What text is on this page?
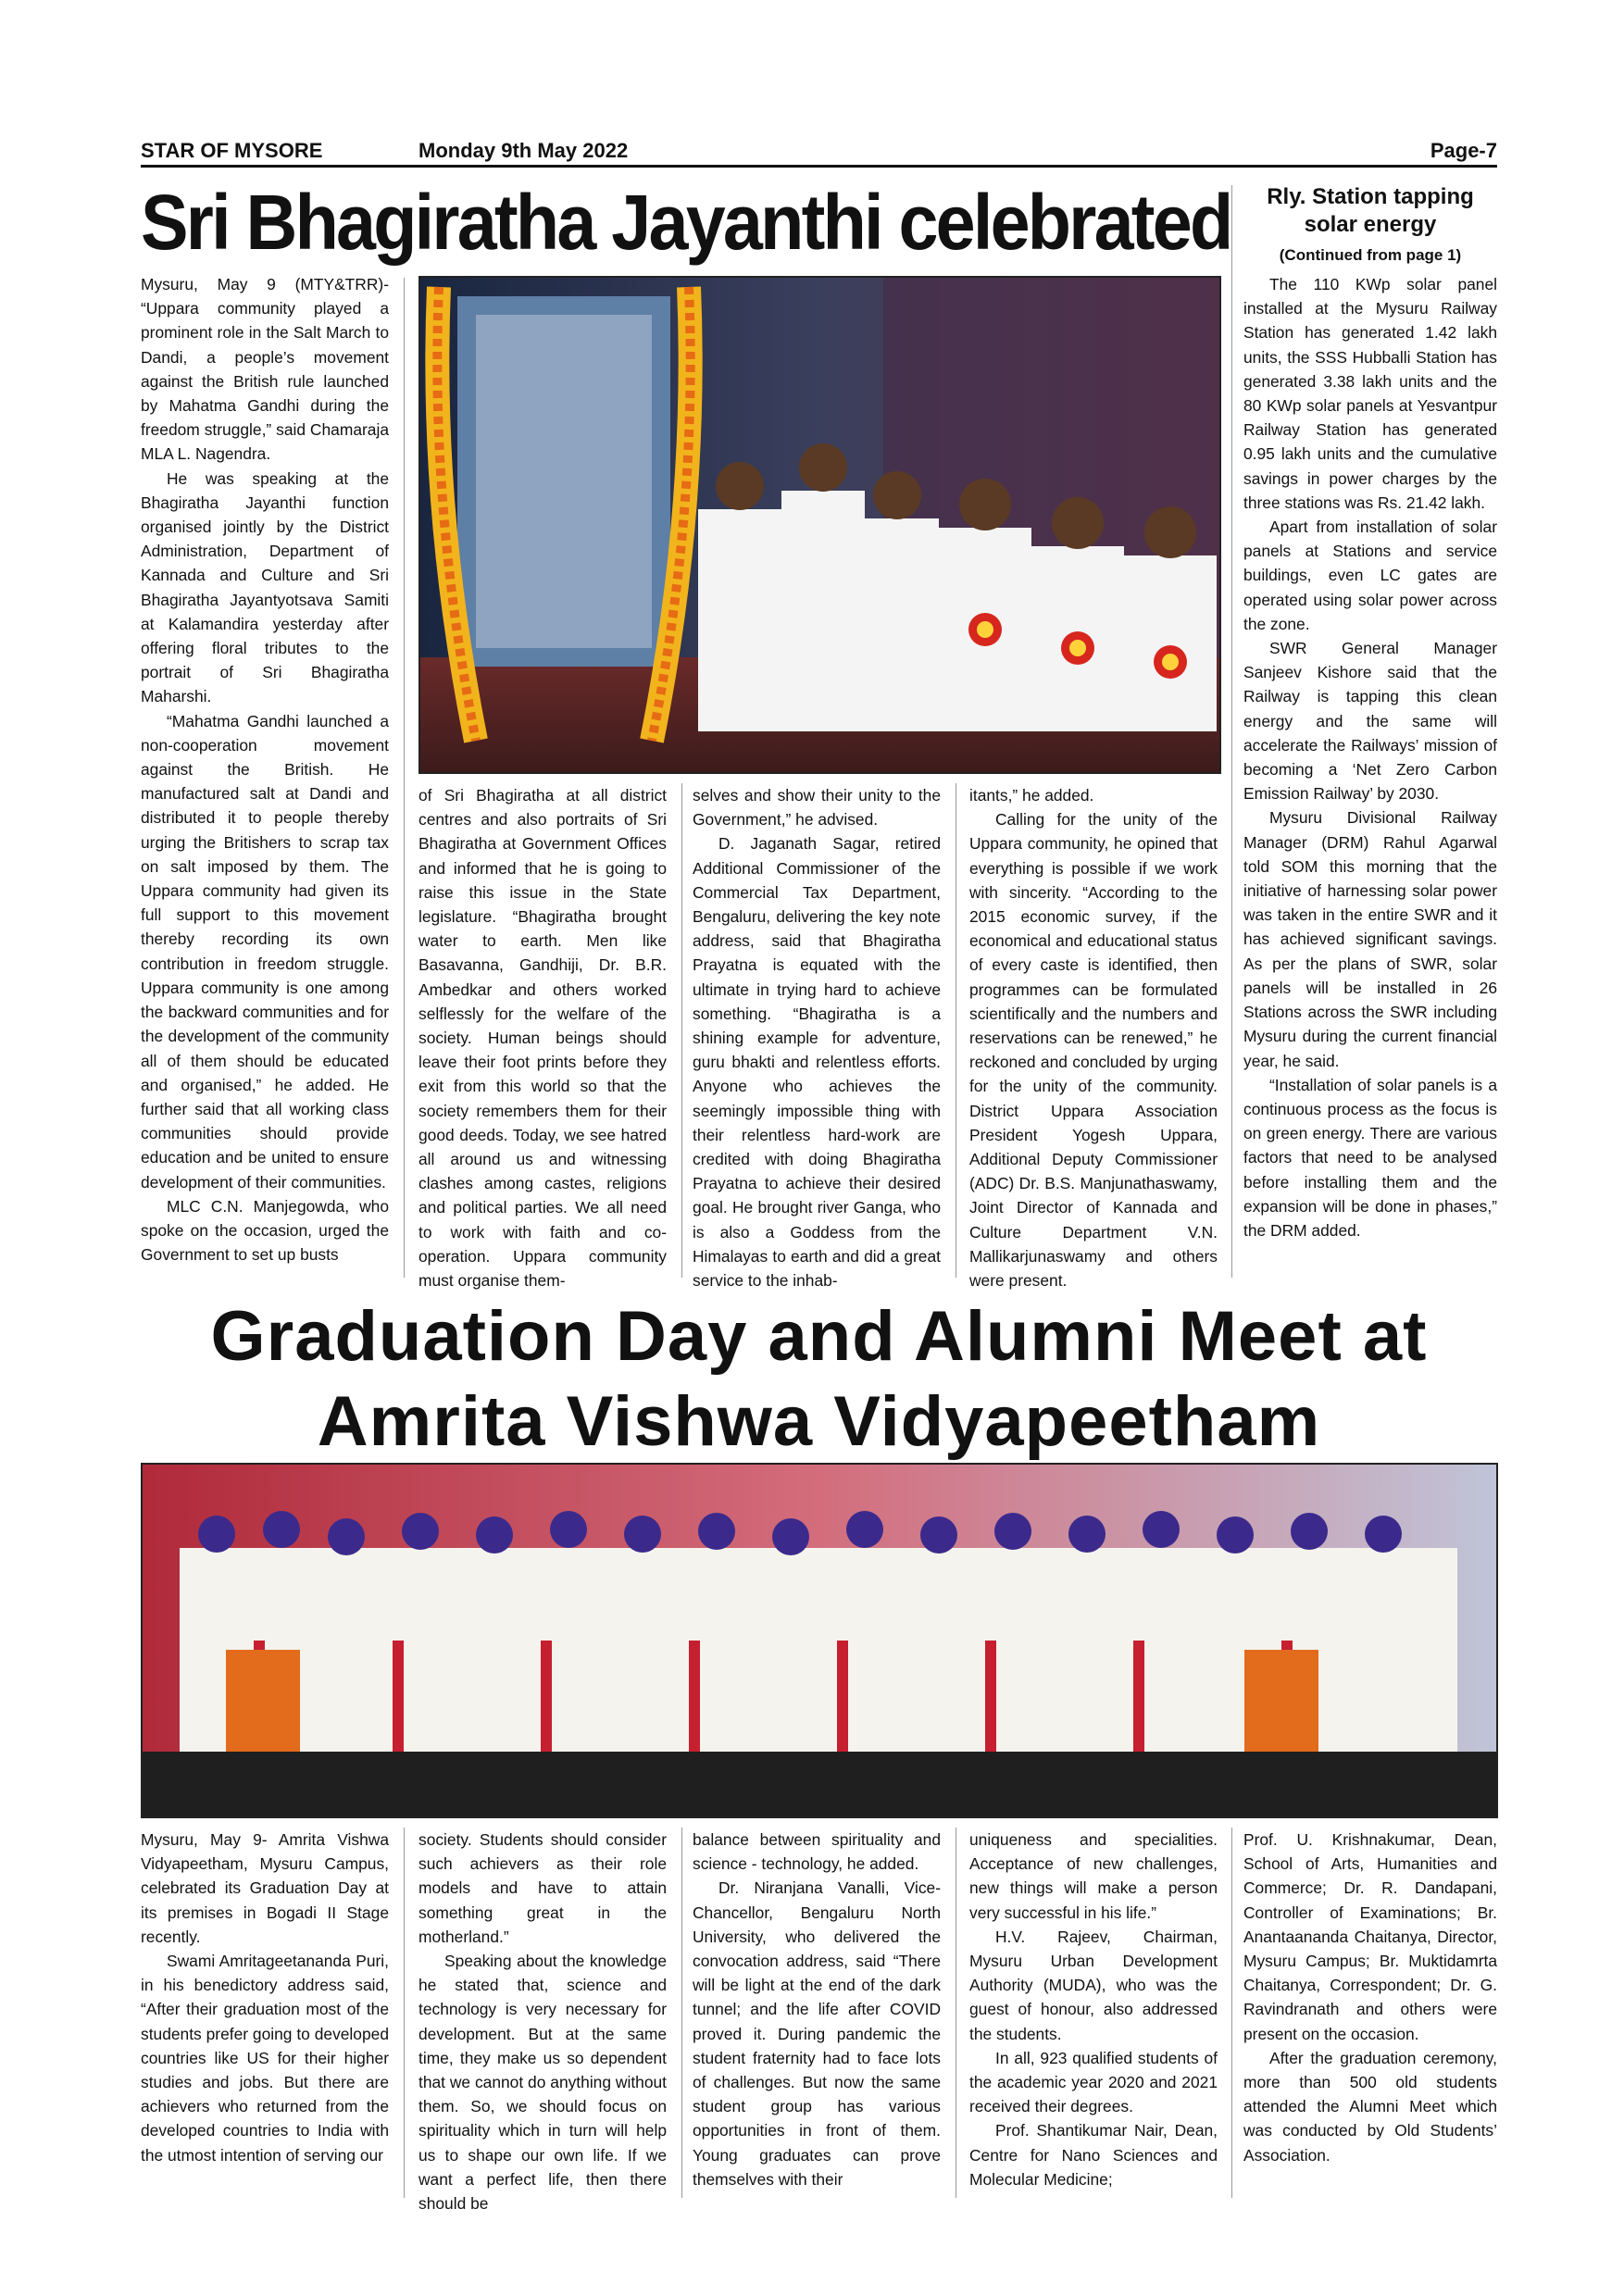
STAR OF MYSORE	Monday 9th May 2022	Page-7
Sri Bhagiratha Jayanthi celebrated

Mysuru, May 9 (MTY&TRR)- “Uppara community played a prominent role in the Salt March to Dandi, a people’s movement against the British rule launched by Mahatma Gandhi during the freedom struggle,” said Chamaraja MLA L. Nagendra.

He was speaking at the Bhagiratha Jayanthi function organised jointly by the District Administration, Department of Kannada and Culture and Sri Bhagiratha Jayantyotsava Samiti at Kalamandira yesterday after offering floral tributes to the portrait of Sri Bhagiratha Maharshi.

“Mahatma Gandhi launched a non-cooperation movement against the British. He manufactured salt at Dandi and distributed it to people thereby urging the Britishers to scrap tax on salt imposed by them. The Uppara community had given its full support to this movement thereby recording its own contribution in freedom struggle. Uppara community is one among the backward communities and for the development of the community all of them should be educated and organised,” he added. He further said that all working class communities should provide education and be united to ensure development of their communities.

MLC C.N. Manjegowda, who spoke on the occasion, urged the Government to set up busts

of Sri Bhagiratha at all district centres and also portraits of Sri Bhagiratha at Government Offices and informed that he is going to raise this issue in the State legislature. “Bhagiratha brought water to earth. Men like Basavanna, Gandhiji, Dr. B.R. Ambedkar and others worked selflessly for the welfare of the society. Human beings should leave their foot prints before they exit from this world so that the society remembers them for their good deeds. Today, we see hatred all around us and witnessing clashes among castes, religions and political parties. We all need to work with faith and co-operation. Uppara community must organise them-

selves and show their unity to the Government,” he advised.

D. Jaganath Sagar, retired Additional Commissioner of the Commercial Tax Department, Bengaluru, delivering the key note address, said that Bhagiratha Prayatna is equated with the ultimate in trying hard to achieve something. “Bhagiratha is a shining example for adventure, guru bhakti and relentless efforts. Anyone who achieves the seemingly impossible thing with their relentless hard-work are credited with doing Bhagiratha Prayatna to achieve their desired goal. He brought river Ganga, who is also a Goddess from the Himalayas to earth and did a great service to the inhab-

itants,” he added.

Calling for the unity of the Uppara community, he opined that everything is possible if we work with sincerity. “According to the 2015 economic survey, if the economical and educational status of every caste is identified, then programmes can be formulated scientifically and the numbers and reservations can be renewed,” he reckoned and concluded by urging for the unity of the community. District Uppara Association President Yogesh Uppara, Additional Deputy Commissioner (ADC) Dr. B.S. Manjunathaswamy, Joint Director of Kannada and Culture Department V.N. Mallikarjunaswamy and others were present.

Rly. Station tapping solar energy
(Continued from page 1)

The 110 KWp solar panel installed at the Mysuru Railway Station has generated 1.42 lakh units, the SSS Hubballi Station has generated 3.38 lakh units and the 80 KWp solar panels at Yesvantpur Railway Station has generated 0.95 lakh units and the cumulative savings in power charges by the three stations was Rs. 21.42 lakh.

Apart from installation of solar panels at Stations and service buildings, even LC gates are operated using solar power across the zone.

SWR General Manager Sanjeev Kishore said that the Railway is tapping this clean energy and the same will accelerate the Railways’ mission of becoming a ‘Net Zero Carbon Emission Railway’ by 2030.

Mysuru Divisional Railway Manager (DRM) Rahul Agarwal told SOM this morning that the initiative of harnessing solar power was taken in the entire SWR and it has achieved significant savings. As per the plans of SWR, solar panels will be installed in 26 Stations across the SWR including Mysuru during the current financial year, he said.

“Installation of solar panels is a continuous process as the focus is on green energy. There are various factors that need to be analysed before installing them and the expansion will be done in phases,” the DRM added.

Graduation Day and Alumni Meet at
Amrita Vishwa Vidyapeetham

Mysuru, May 9- Amrita Vishwa Vidyapeetham, Mysuru Campus, celebrated its Graduation Day at its premises in Bogadi II Stage recently.

Swami Amritageetananda Puri, in his benedictory address said, “After their graduation most of the students prefer going to developed countries like US for their higher studies and jobs. But there are achievers who returned from the developed countries to India with the utmost intention of serving our

society. Students should consider such achievers as their role models and have to attain something great in the motherland.”

Speaking about the knowledge he stated that, science and technology is very necessary for development. But at the same time, they make us so dependent that we cannot do anything without them. So, we should focus on spirituality which in turn will help us to shape our own life. If we want a perfect life, then there should be

balance between spirituality and science - technology, he added.

Dr. Niranjana Vanalli, Vice-Chancellor, Bengaluru North University, who delivered the convocation address, said “There will be light at the end of the dark tunnel; and the life after COVID proved it. During pandemic the student fraternity had to face lots of challenges. But now the same student group has various opportunities in front of them. Young graduates can prove themselves with their

uniqueness and specialities. Acceptance of new challenges, new things will make a person very successful in his life.”

H.V. Rajeev, Chairman, Mysuru Urban Development Authority (MUDA), who was the guest of honour, also addressed the students.

In all, 923 qualified students of the academic year 2020 and 2021 received their degrees.

Prof. Shantikumar Nair, Dean, Centre for Nano Sciences and Molecular Medicine;

Prof. U. Krishnakumar, Dean, School of Arts, Humanities and Commerce; Dr. R. Dandapani, Controller of Examinations; Br. Anantaananda Chaitanya, Director, Mysuru Campus; Br. Muktidamrta Chaitanya, Correspondent; Dr. G. Ravindranath and others were present on the occasion.

After the graduation ceremony, more than 500 old students attended the Alumni Meet which was conducted by Old Students’ Association.
